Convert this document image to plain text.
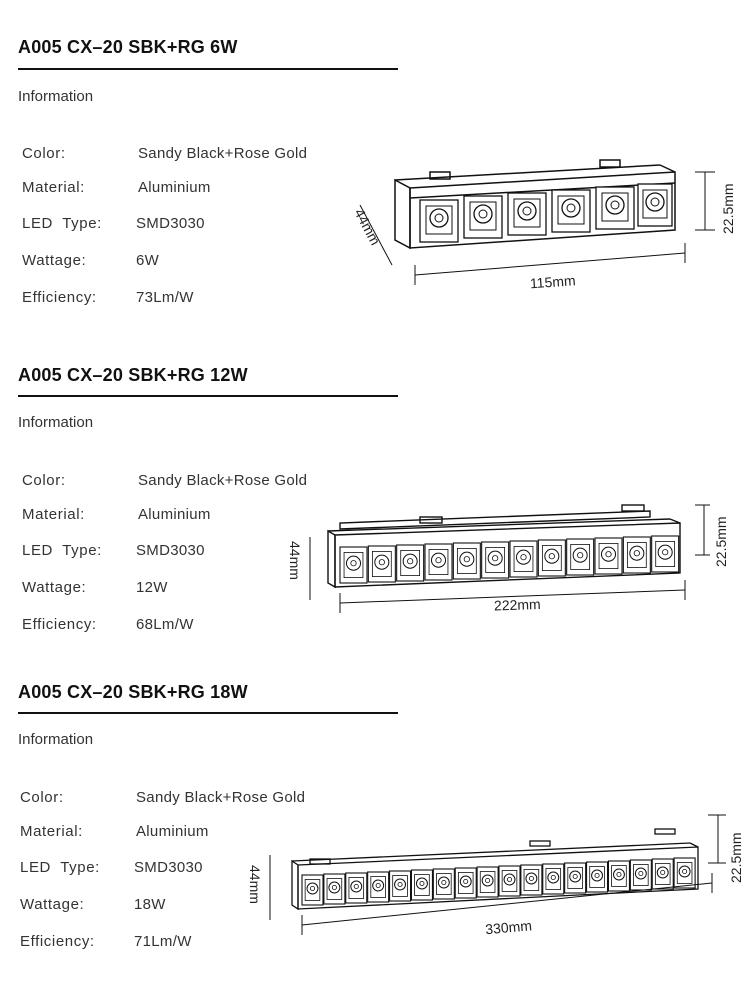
A005 CX–20 SBK+RG 6W
Information
Color:	Sandy Black+Rose Gold
Material:	Aluminium
LED  Type: SMD3030
Wattage:	6W
Efficiency:	73Lm/W
115mm
22.5mm
44mm
A005 CX–20 SBK+RG 12W
Information
Color:	Sandy Black+Rose Gold
Material:	Aluminium
LED  Type: SMD3030
Wattage:	12W
Efficiency:	68Lm/W
222mm
22.5mm
44mm
A005 CX–20 SBK+RG 18W
Information
Color:	Sandy Black+Rose Gold
Material:	Aluminium
LED  Type: SMD3030
Wattage:	18W
Efficiency:	71Lm/W
330mm
22.5mm
44mm
